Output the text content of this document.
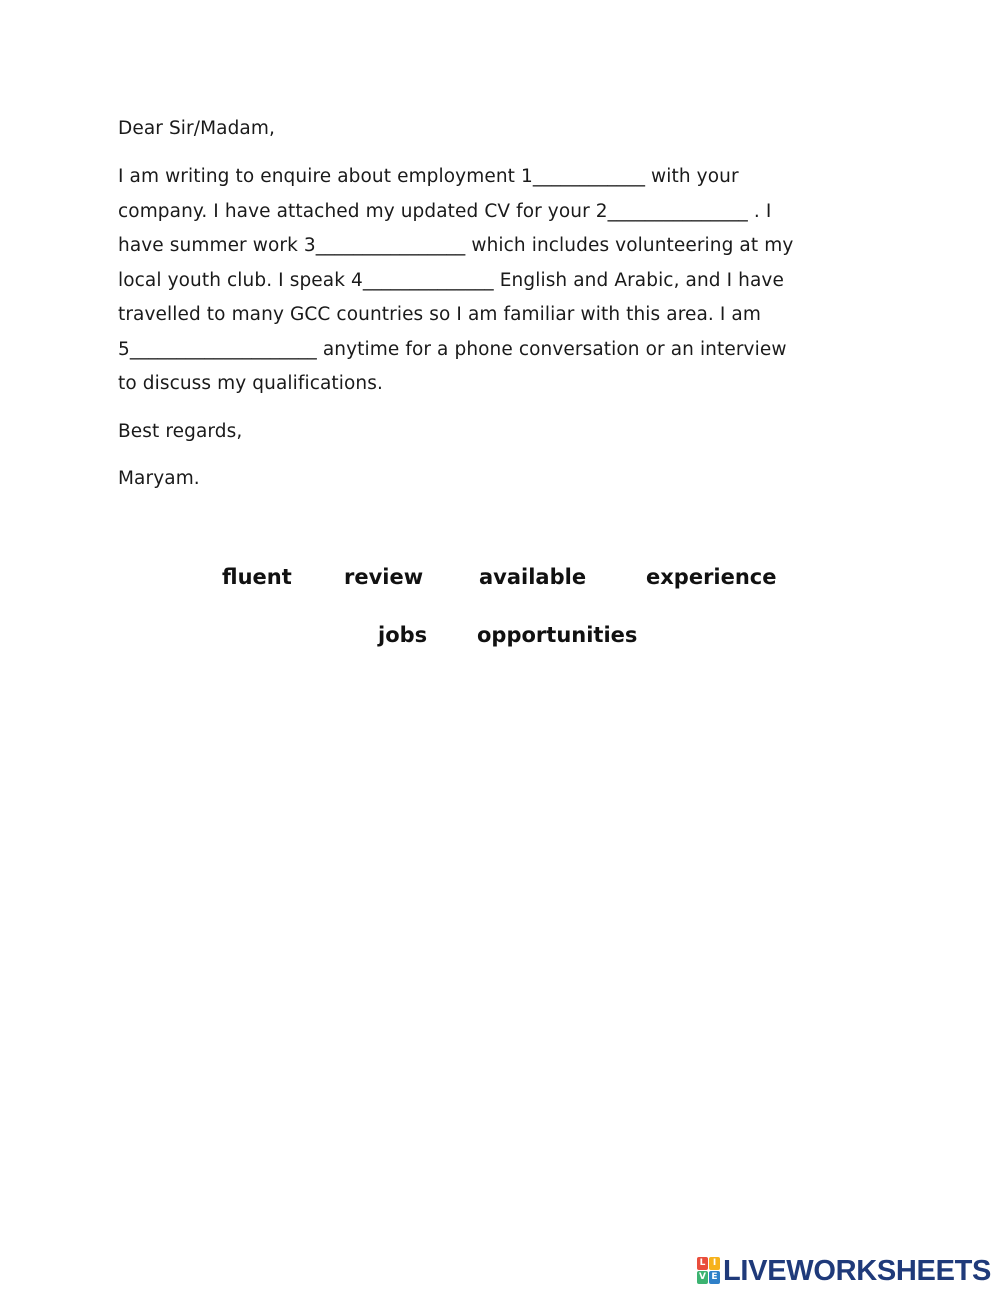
Dear Sir/Madam,
I am writing to enquire about employment 1____________ with your
company. I have attached my updated CV for your 2_______________ . I
have summer work 3________________ which includes volunteering at my
local youth club. I speak 4______________ English and Arabic, and I have
travelled to many GCC countries so I am familiar with this area. I am
5____________________ anytime for a phone conversation or an interview
to discuss my qualifications.
Best regards,
Maryam.
fluent review	available	experience
jobs opportunities
L I
V E LIVEWORKSHEETS
